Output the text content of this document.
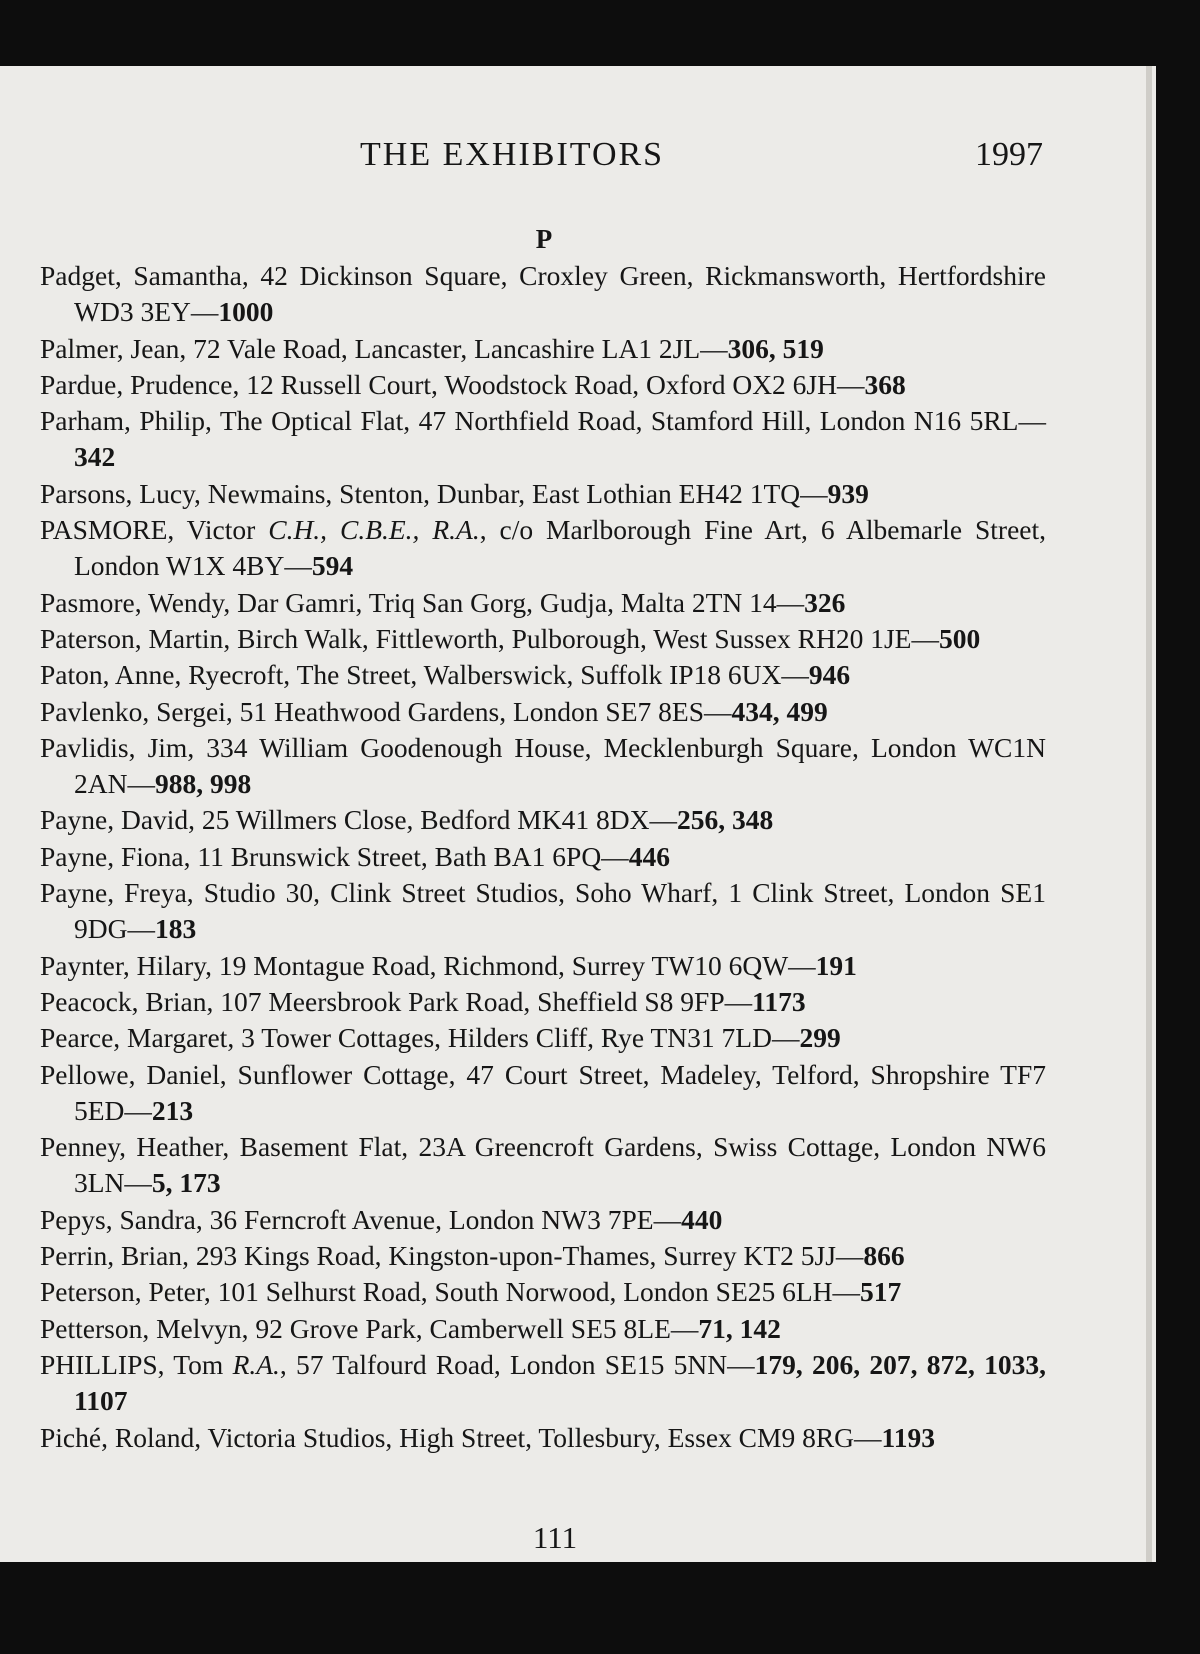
THE EXHIBITORS	1997
P
Padget, Samantha, 42 Dickinson Square, Croxley Green, Rickmansworth, Hertfordshire WD3 3EY—1000
Palmer, Jean, 72 Vale Road, Lancaster, Lancashire LA1 2JL—306, 519
Pardue, Prudence, 12 Russell Court, Woodstock Road, Oxford OX2 6JH—368
Parham, Philip, The Optical Flat, 47 Northfield Road, Stamford Hill, London N16 5RL—342
Parsons, Lucy, Newmains, Stenton, Dunbar, East Lothian EH42 1TQ—939
PASMORE, Victor C.H., C.B.E., R.A., c/o Marlborough Fine Art, 6 Albemarle Street, London W1X 4BY—594
Pasmore, Wendy, Dar Gamri, Triq San Gorg, Gudja, Malta 2TN 14—326
Paterson, Martin, Birch Walk, Fittleworth, Pulborough, West Sussex RH20 1JE—500
Paton, Anne, Ryecroft, The Street, Walberswick, Suffolk IP18 6UX—946
Pavlenko, Sergei, 51 Heathwood Gardens, London SE7 8ES—434, 499
Pavlidis, Jim, 334 William Goodenough House, Mecklenburgh Square, London WC1N 2AN—988, 998
Payne, David, 25 Willmers Close, Bedford MK41 8DX—256, 348
Payne, Fiona, 11 Brunswick Street, Bath BA1 6PQ—446
Payne, Freya, Studio 30, Clink Street Studios, Soho Wharf, 1 Clink Street, London SE1 9DG—183
Paynter, Hilary, 19 Montague Road, Richmond, Surrey TW10 6QW—191
Peacock, Brian, 107 Meersbrook Park Road, Sheffield S8 9FP—1173
Pearce, Margaret, 3 Tower Cottages, Hilders Cliff, Rye TN31 7LD—299
Pellowe, Daniel, Sunflower Cottage, 47 Court Street, Madeley, Telford, Shropshire TF7 5ED—213
Penney, Heather, Basement Flat, 23A Greencroft Gardens, Swiss Cottage, London NW6 3LN—5, 173
Pepys, Sandra, 36 Ferncroft Avenue, London NW3 7PE—440
Perrin, Brian, 293 Kings Road, Kingston-upon-Thames, Surrey KT2 5JJ—866
Peterson, Peter, 101 Selhurst Road, South Norwood, London SE25 6LH—517
Petterson, Melvyn, 92 Grove Park, Camberwell SE5 8LE—71, 142
PHILLIPS, Tom R.A., 57 Talfourd Road, London SE15 5NN—179, 206, 207, 872, 1033, 1107
Piché, Roland, Victoria Studios, High Street, Tollesbury, Essex CM9 8RG—1193
111
